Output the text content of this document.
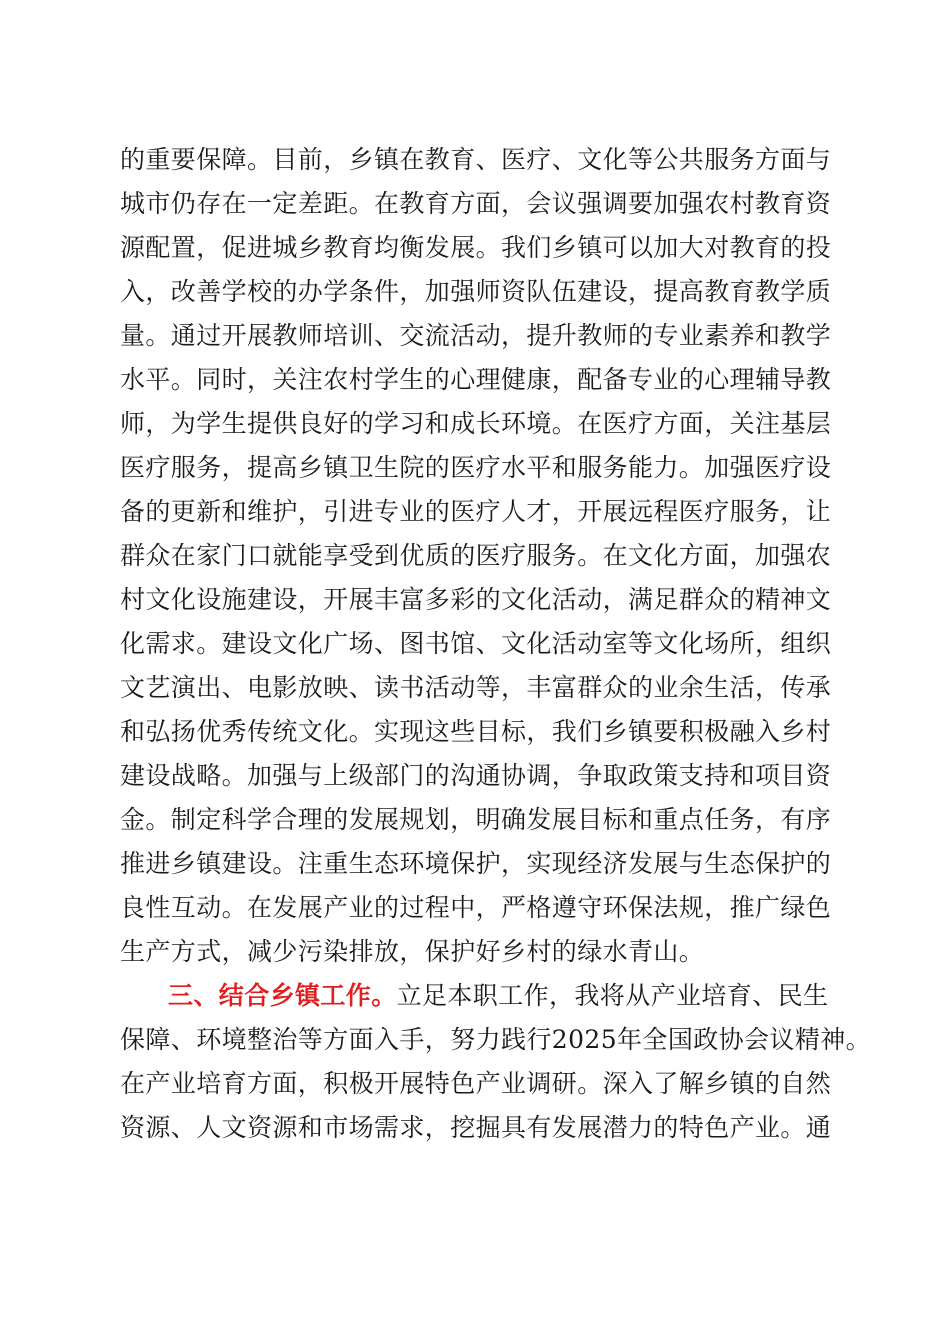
的重要保障。目前，乡镇在教育、医疗、文化等公共服务方面与
城市仍存在一定差距。在教育方面，会议强调要加强农村教育资
源配置，促进城乡教育均衡发展。我们乡镇可以加大对教育的投
入，改善学校的办学条件，加强师资队伍建设，提高教育教学质
量。通过开展教师培训、交流活动，提升教师的专业素养和教学
水平。同时，关注农村学生的心理健康，配备专业的心理辅导教
师，为学生提供良好的学习和成长环境。在医疗方面，关注基层
医疗服务，提高乡镇卫生院的医疗水平和服务能力。加强医疗设
备的更新和维护，引进专业的医疗人才，开展远程医疗服务，让
群众在家门口就能享受到优质的医疗服务。在文化方面，加强农
村文化设施建设，开展丰富多彩的文化活动，满足群众的精神文
化需求。建设文化广场、图书馆、文化活动室等文化场所，组织
文艺演出、电影放映、读书活动等，丰富群众的业余生活，传承
和弘扬优秀传统文化。实现这些目标，我们乡镇要积极融入乡村
建设战略。加强与上级部门的沟通协调，争取政策支持和项目资
金。制定科学合理的发展规划，明确发展目标和重点任务，有序
推进乡镇建设。注重生态环境保护，实现经济发展与生态保护的
良性互动。在发展产业的过程中，严格遵守环保法规，推广绿色
生产方式，减少污染排放，保护好乡村的绿水青山。
三、结合乡镇工作。立足本职工作，我将从产业培育、民生
保障、环境整治等方面入手，努力践行2025年全国政协会议精神。
在产业培育方面，积极开展特色产业调研。深入了解乡镇的自然
资源、人文资源和市场需求，挖掘具有发展潜力的特色产业。通
